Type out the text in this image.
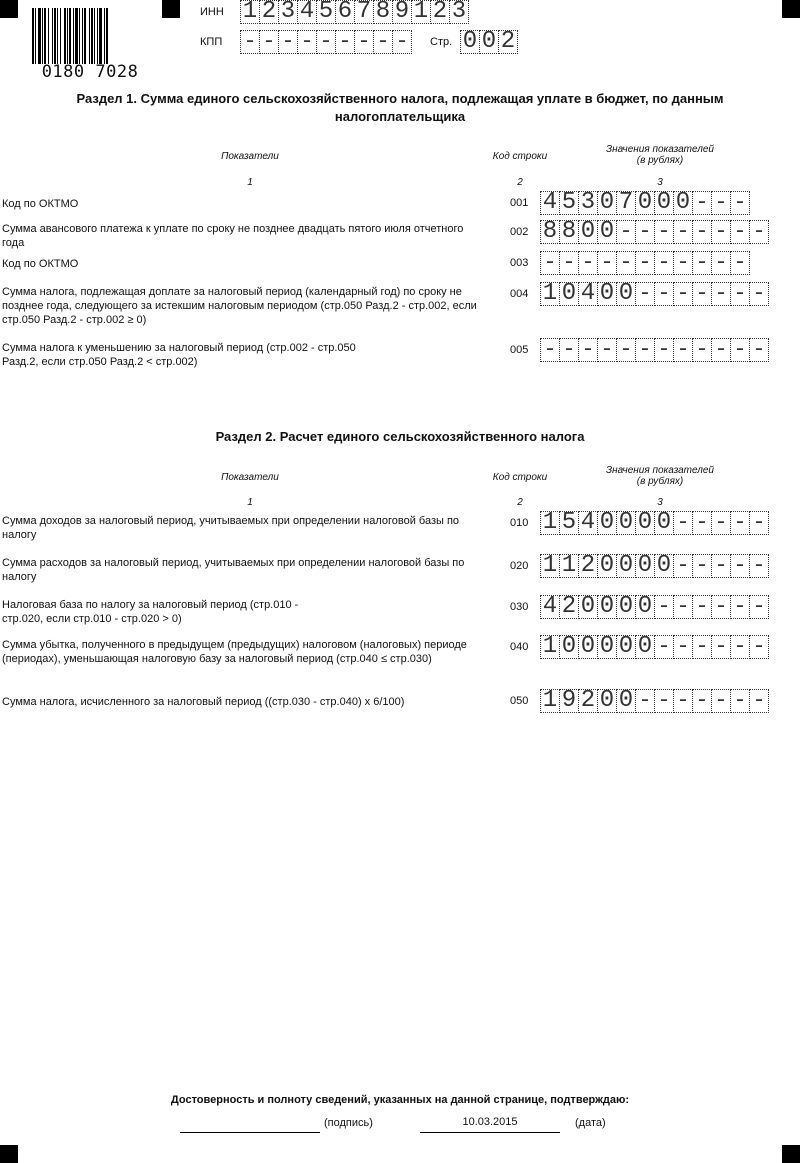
0180 7028
ИНН 1 2 3 4 5 6 7 8 9 1 2 3
КПП - - - - - - - - -	Стр. 0 0 2
Раздел 1. Сумма единого сельскохозяйственного налога, подлежащая уплате в бюджет, по данным
налогоплательщика
Показатели	Код строки
Значения показателей
(в рублях)
1	2	3
Код по ОКТМО	001 4 5 3 0 7 0 0 0 - - -
Сумма авансового платежа к уплате по сроку не позднее двадцать пятого июля отчетного года
002 8 8 0 0 - - - - - - - -
Код по ОКТМО	003 - - - - - - - - - - -
Сумма налога, подлежащая доплате за налоговый период (календарный год) по сроку не позднее года, следующего за истекшим налоговым периодом (стр.050 Разд.2 - стр.002, если стр.050 Разд.2 - стр.002 ≥ 0)
004 1 0 4 0 0 - - - - - - -
Сумма налога к уменьшению за налоговый период (стр.002 - стр.050 Разд.2, если стр.050 Разд.2 < стр.002)
005 - - - - - - - - - - - -
Раздел 2. Расчет единого сельскохозяйственного налога
Показатели	Код строки
Значения показателей
(в рублях)
1	2	3
Сумма доходов за налоговый период, учитываемых при определении налоговой базы по налогу
010 1 5 4 0 0 0 0 - - - - -
Сумма расходов за налоговый период, учитываемых при определении налоговой базы по налогу
020 1 1 2 0 0 0 0 - - - - -
Налоговая база по налогу за налоговый период (стр.010 - стр.020, если стр.010 - стр.020 > 0)
030 4 2 0 0 0 0 - - - - - -
Сумма убытка, полученного в предыдущем (предыдущих) налоговом (налоговых) периоде (периодах), уменьшающая налоговую базу за налоговый период (стр.040 ≤ стр.030)
040 1 0 0 0 0 0 - - - - - -
Сумма налога, исчисленного за налоговый период ((стр.030 - стр.040) x 6/100)	050 1 9 2 0 0 - - - - - - -
Достоверность и полноту сведений, указанных на данной странице, подтверждаю:
(подпись)	10.03.2015	(дата)
